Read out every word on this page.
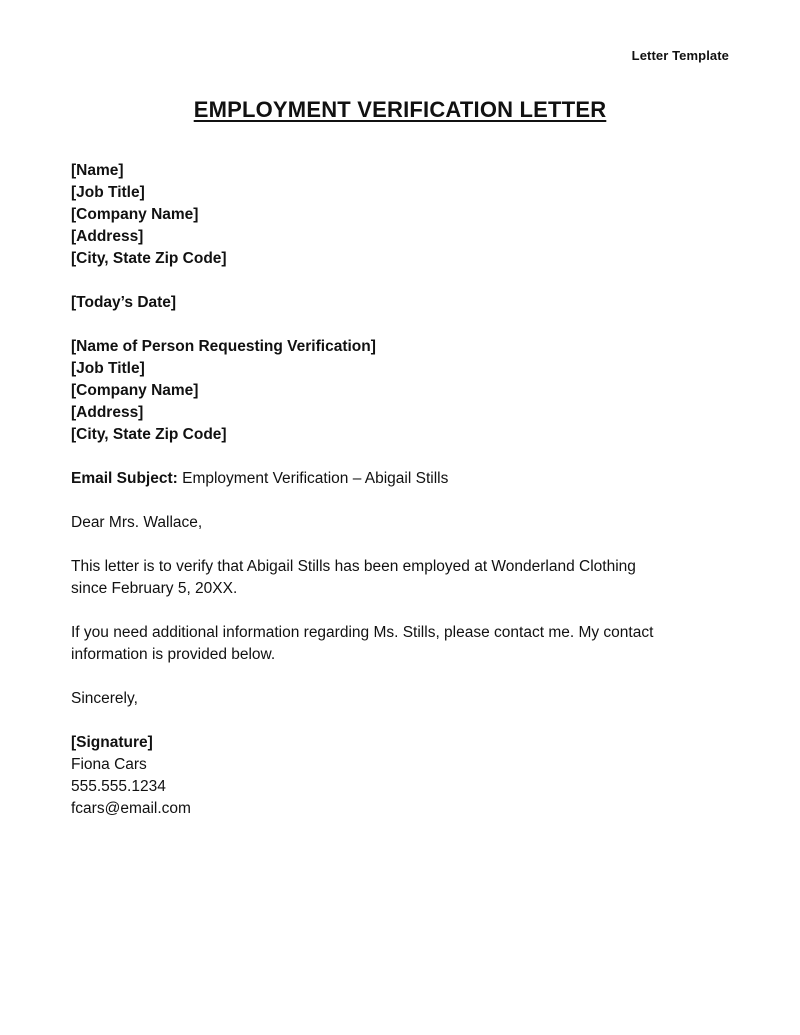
Letter Template
EMPLOYMENT VERIFICATION LETTER
[Name]
[Job Title]
[Company Name]
[Address]
[City, State Zip Code]
[Today’s Date]
[Name of Person Requesting Verification]
[Job Title]
[Company Name]
[Address]
[City, State Zip Code]
Email Subject: Employment Verification – Abigail Stills
Dear Mrs. Wallace,
This letter is to verify that Abigail Stills has been employed at Wonderland Clothing
since February 5, 20XX.
If you need additional information regarding Ms. Stills, please contact me. My contact
information is provided below.
Sincerely,
[Signature]
Fiona Cars
555.555.1234
fcars@email.com
